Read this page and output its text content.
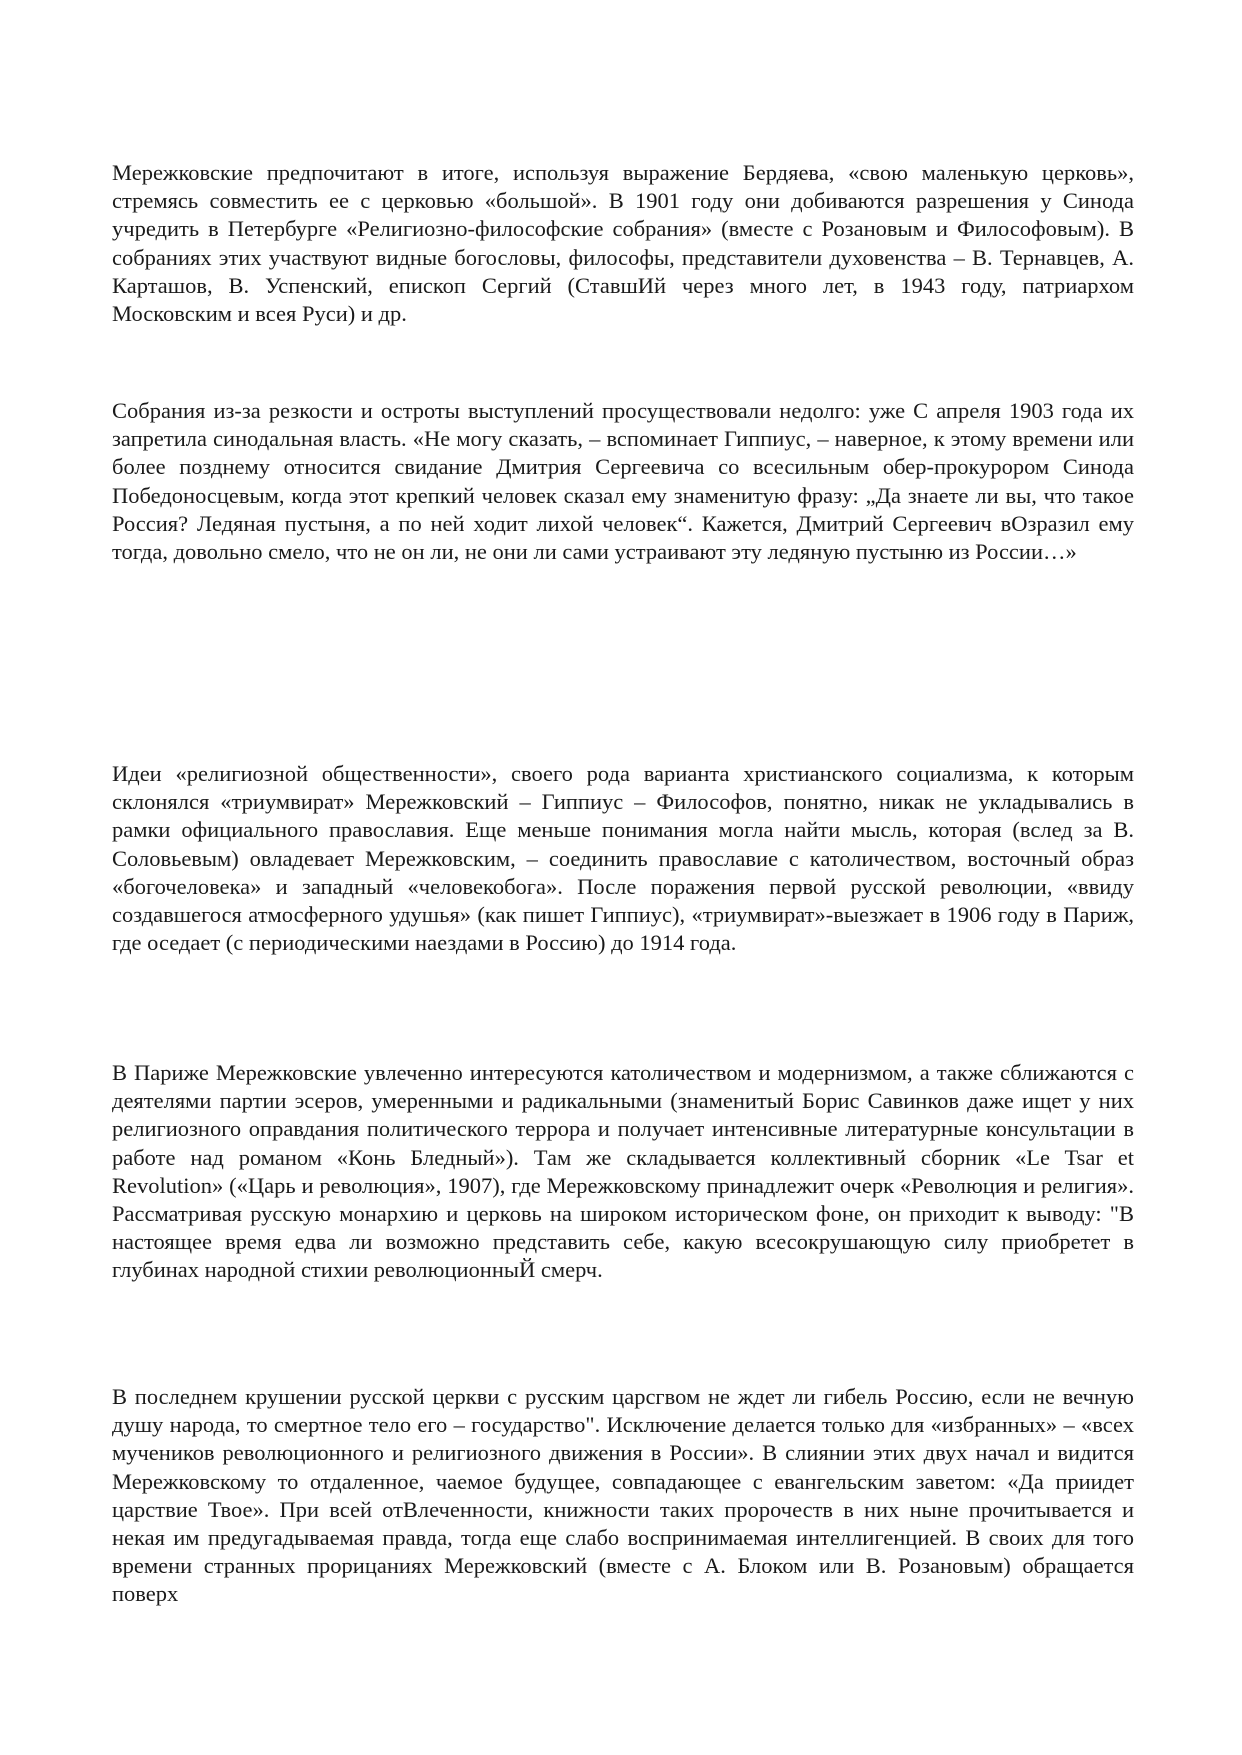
Мережковские предпочитают в итоге, используя выражение Бердяева, «свою маленькую церковь», стремясь совместить ее с церковью «большой». В 1901 году они добиваются разрешения у Синода учредить в Петербурге «Религиозно-философские собрания» (вместе с Розановым и Философовым). В собраниях этих участвуют видные богословы, философы, представители духовенства – В. Тернавцев, А. Карташов, В. Успенский, епископ Сергий (СтавшИй через много лет, в 1943 году, патриархом Московским и всея Руси) и др.

Собрания из-за резкости и остроты выступлений просуществовали недолго: уже С апреля 1903 года их запретила синодальная власть. «Не могу сказать, – вспоминает Гиппиус, – наверное, к этому времени или более позднему относится свидание Дмитрия Сергеевича со всесильным обер-прокурором Синода Победоносцевым, когда этот крепкий человек сказал ему знаменитую фразу: „Да знаете ли вы, что такое Россия? Ледяная пустыня, а по ней ходит лихой человек“. Кажется, Дмитрий Сергеевич вОзразил ему тогда, довольно смело, что не он ли, не они ли сами устраивают эту ледяную пустыню из России…»

Идеи «религиозной общественности», своего рода варианта христианского социализма, к которым склонялся «триумвират» Мережковский – Гиппиус – Философов, понятно, никак не укладывались в рамки официального православия. Еще меньше понимания могла найти мысль, которая (вслед за В. Соловьевым) овладевает Мережковским, – соединить православие с католичеством, восточный образ «богочеловека» и западный «человекобога». После поражения первой русской революции, «ввиду создавшегося атмосферного удушья» (как пишет Гиппиус), «триумвират»-выезжает в 1906 году в Париж, где оседает (с периодическими наездами в Россию) до 1914 года.

В Париже Мережковские увлеченно интересуются католичеством и модернизмом, а также сближаются с деятелями партии эсеров, умеренными и радикальными (знаменитый Борис Савинков даже ищет у них религиозного оправдания политического террора и получает интенсивные литературные консультации в работе над романом «Конь Бледный»). Там же складывается коллективный сборник «Le Tsar et Revolution» («Царь и революция», 1907), где Мережковскому принадлежит очерк «Революция и религия». Рассматривая русскую монархию и церковь на широком историческом фоне, он приходит к выводу: "В настоящее время едва ли возможно представить себе, какую всесокрушающую силу приобретет в глубинах народной стихии революционныЙ смерч.

В последнем крушении русской церкви с русским царсгвом не ждет ли гибель Россию, если не вечную душу народа, то смертное тело его – государство". Исключение делается только для «избранных» – «всех мучеников революционного и религиозного движения в России». В слиянии этих двух начал и видится Мережковскому то отдаленное, чаемое будущее, совпадающее с евангельским заветом: «Да приидет царствие Твое». При всей отВлеченности, книжности таких пророчеств в них ныне прочитывается и некая им предугадываемая правда, тогда еще слабо воспринимаемая интеллигенцией. В своих для того времени странных прорицаниях Мережковский (вместе с А. Блоком или В. Розановым) обращается поверх
